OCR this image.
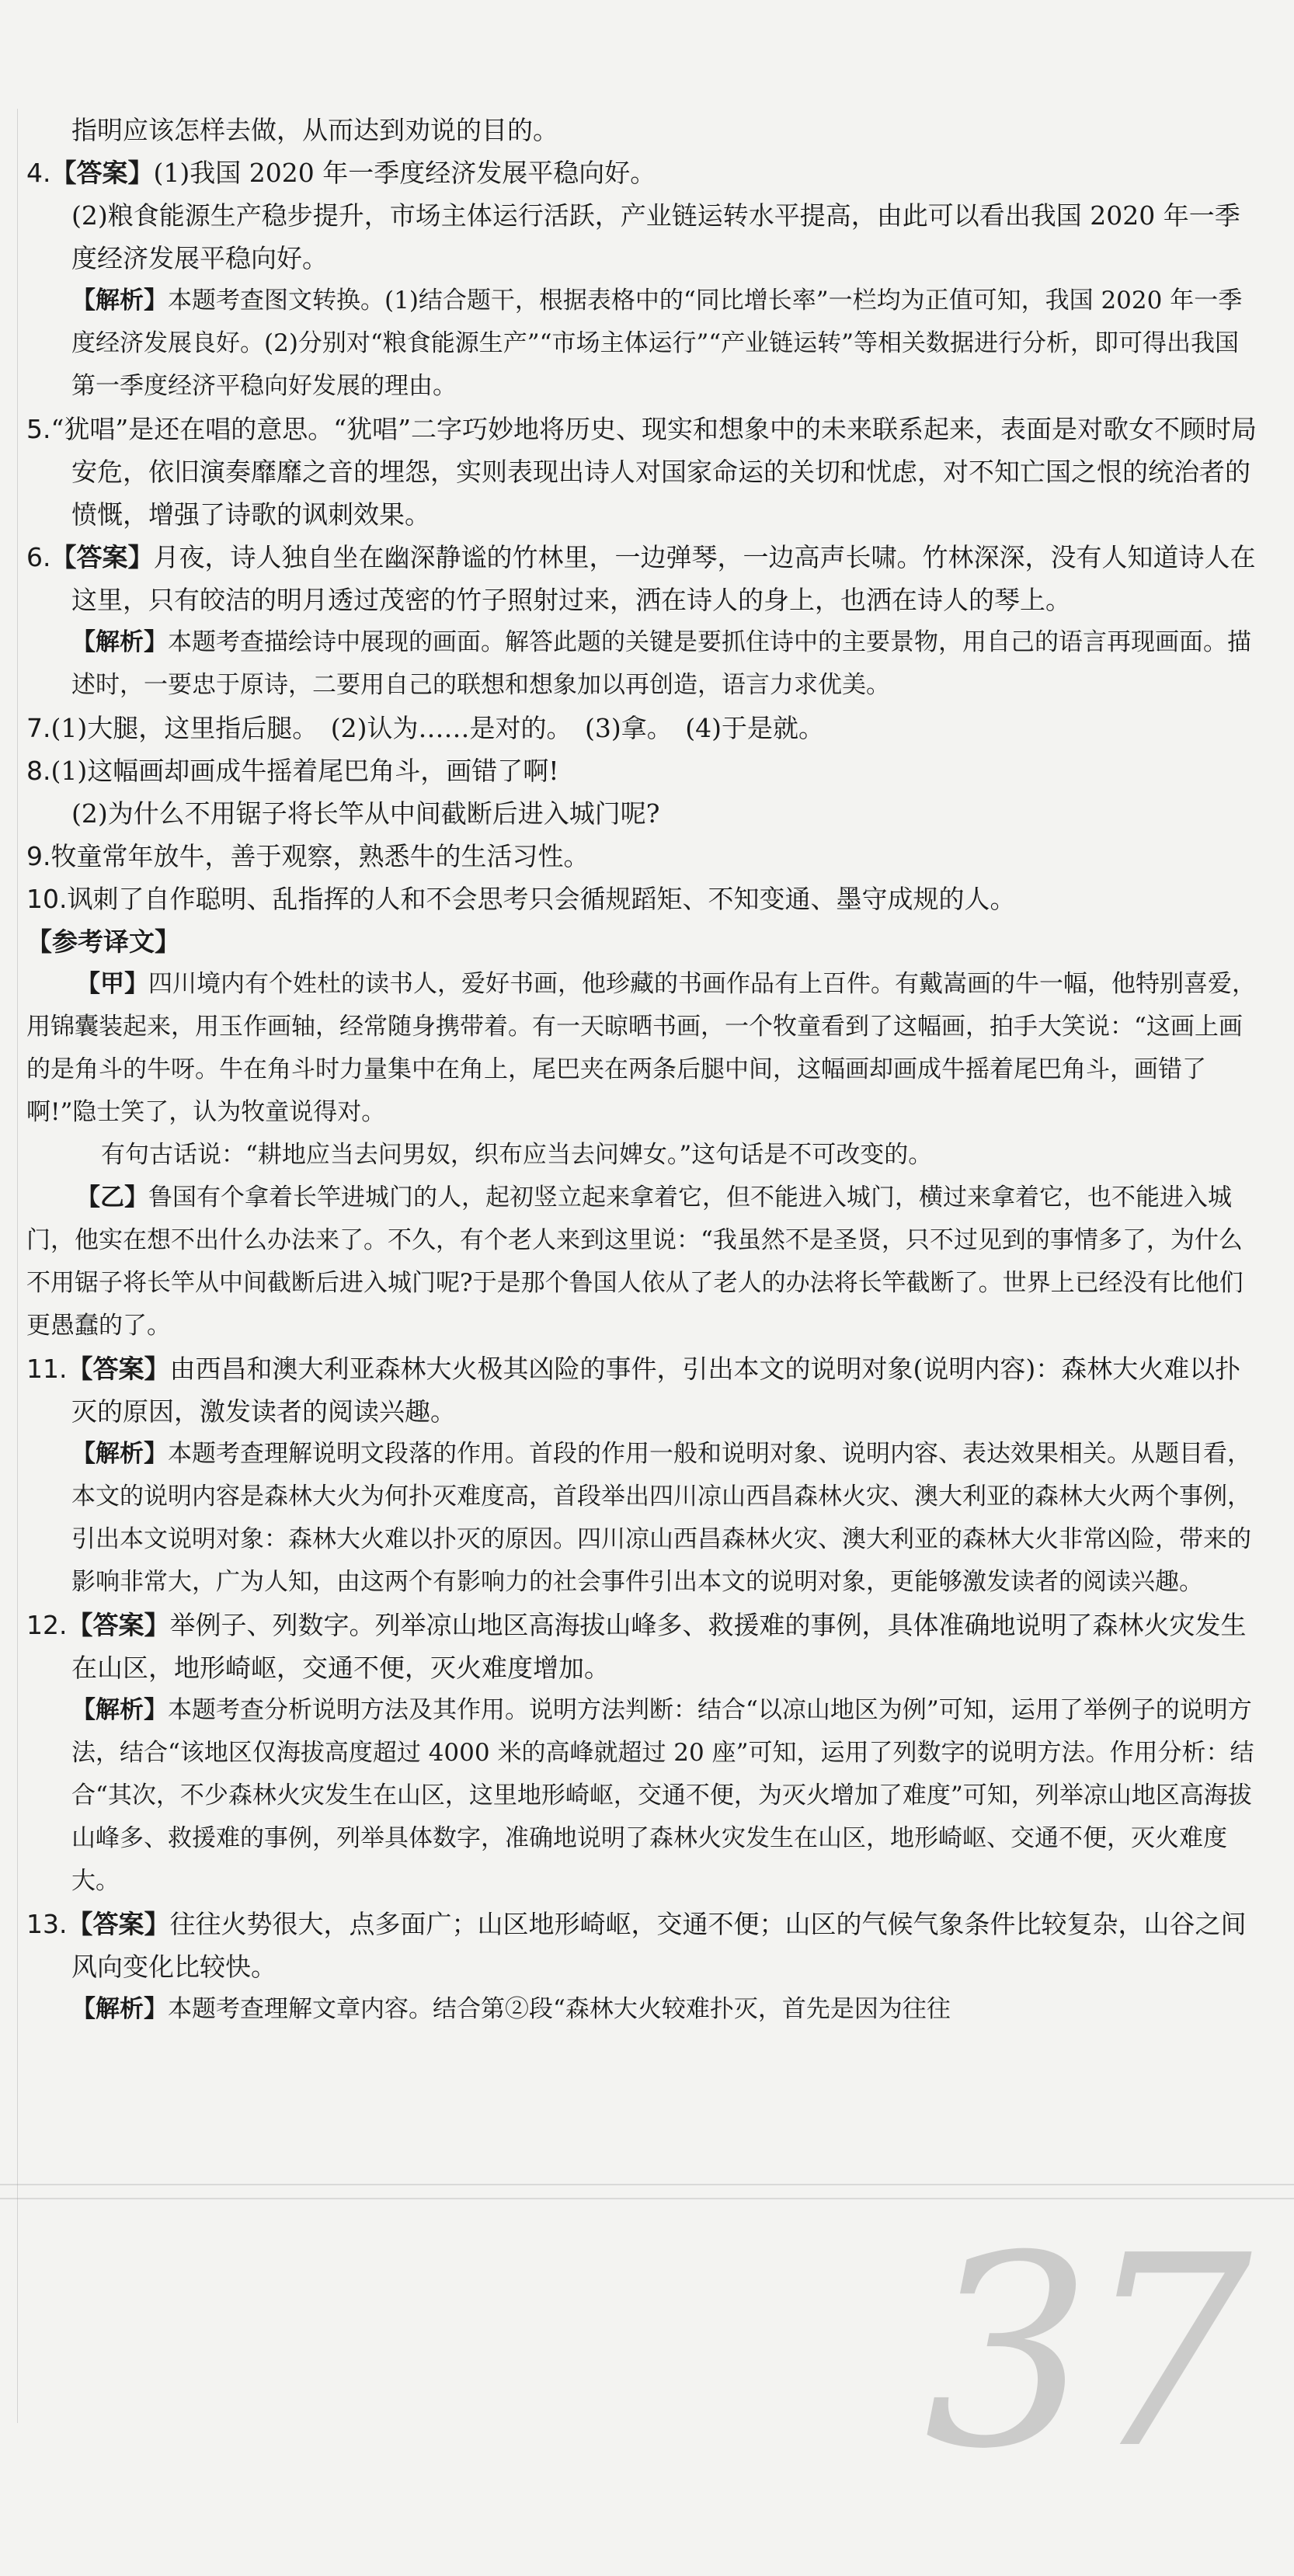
指明应该怎样去做，从而达到劝说的目的。

4.【答案】(1)我国 2020 年一季度经济发展平稳向好。

(2)粮食能源生产稳步提升，市场主体运行活跃，产业链运转水平提高，由此可以看出我国 2020 年一季度经济发展平稳向好。

【解析】本题考查图文转换。(1)结合题干，根据表格中的“同比增长率”一栏均为正值可知，我国 2020 年一季度经济发展良好。(2)分别对“粮食能源生产”“市场主体运行”“产业链运转”等相关数据进行分析，即可得出我国第一季度经济平稳向好发展的理由。

5.“犹唱”是还在唱的意思。“犹唱”二字巧妙地将历史、现实和想象中的未来联系起来，表面是对歌女不顾时局安危，依旧演奏靡靡之音的埋怨，实则表现出诗人对国家命运的关切和忧虑，对不知亡国之恨的统治者的愤慨，增强了诗歌的讽刺效果。

6.【答案】月夜，诗人独自坐在幽深静谧的竹林里，一边弹琴，一边高声长啸。竹林深深，没有人知道诗人在这里，只有皎洁的明月透过茂密的竹子照射过来，洒在诗人的身上，也洒在诗人的琴上。

【解析】本题考查描绘诗中展现的画面。解答此题的关键是要抓住诗中的主要景物，用自己的语言再现画面。描述时，一要忠于原诗，二要用自己的联想和想象加以再创造，语言力求优美。

7.(1)大腿，这里指后腿。　(2)认为……是对的。　(3)拿。　(4)于是就。

8.(1)这幅画却画成牛摇着尾巴角斗，画错了啊!

(2)为什么不用锯子将长竿从中间截断后进入城门呢?

9.牧童常年放牛，善于观察，熟悉牛的生活习性。

10.讽刺了自作聪明、乱指挥的人和不会思考只会循规蹈矩、不知变通、墨守成规的人。

【参考译文】

【甲】四川境内有个姓杜的读书人，爱好书画，他珍藏的书画作品有上百件。有戴嵩画的牛一幅，他特别喜爱，用锦囊装起来，用玉作画轴，经常随身携带着。有一天晾晒书画，一个牧童看到了这幅画，拍手大笑说：“这画上画的是角斗的牛呀。牛在角斗时力量集中在角上，尾巴夹在两条后腿中间，这幅画却画成牛摇着尾巴角斗，画错了啊!”隐士笑了，认为牧童说得对。

有句古话说：“耕地应当去问男奴，织布应当去问婢女。”这句话是不可改变的。

【乙】鲁国有个拿着长竿进城门的人，起初竖立起来拿着它，但不能进入城门，横过来拿着它，也不能进入城门，他实在想不出什么办法来了。不久，有个老人来到这里说：“我虽然不是圣贤，只不过见到的事情多了，为什么不用锯子将长竿从中间截断后进入城门呢?于是那个鲁国人依从了老人的办法将长竿截断了。世界上已经没有比他们更愚蠢的了。

11.【答案】由西昌和澳大利亚森林大火极其凶险的事件，引出本文的说明对象(说明内容)：森林大火难以扑灭的原因，激发读者的阅读兴趣。

【解析】本题考查理解说明文段落的作用。首段的作用一般和说明对象、说明内容、表达效果相关。从题目看，本文的说明内容是森林大火为何扑灭难度高，首段举出四川凉山西昌森林火灾、澳大利亚的森林大火两个事例，引出本文说明对象：森林大火难以扑灭的原因。四川凉山西昌森林火灾、澳大利亚的森林大火非常凶险，带来的影响非常大，广为人知，由这两个有影响力的社会事件引出本文的说明对象，更能够激发读者的阅读兴趣。

12.【答案】举例子、列数字。列举凉山地区高海拔山峰多、救援难的事例，具体准确地说明了森林火灾发生在山区，地形崎岖，交通不便，灭火难度增加。

【解析】本题考查分析说明方法及其作用。说明方法判断：结合“以凉山地区为例”可知，运用了举例子的说明方法，结合“该地区仅海拔高度超过 4000 米的高峰就超过 20 座”可知，运用了列数字的说明方法。作用分析：结合“其次，不少森林火灾发生在山区，这里地形崎岖，交通不便，为灭火增加了难度”可知，列举凉山地区高海拔山峰多、救援难的事例，列举具体数字，准确地说明了森林火灾发生在山区，地形崎岖、交通不便，灭火难度大。

13.【答案】往往火势很大，点多面广；山区地形崎岖，交通不便；山区的气候气象条件比较复杂，山谷之间风向变化比较快。

【解析】本题考查理解文章内容。结合第②段“森林大火较难扑灭，首先是因为往往

37
